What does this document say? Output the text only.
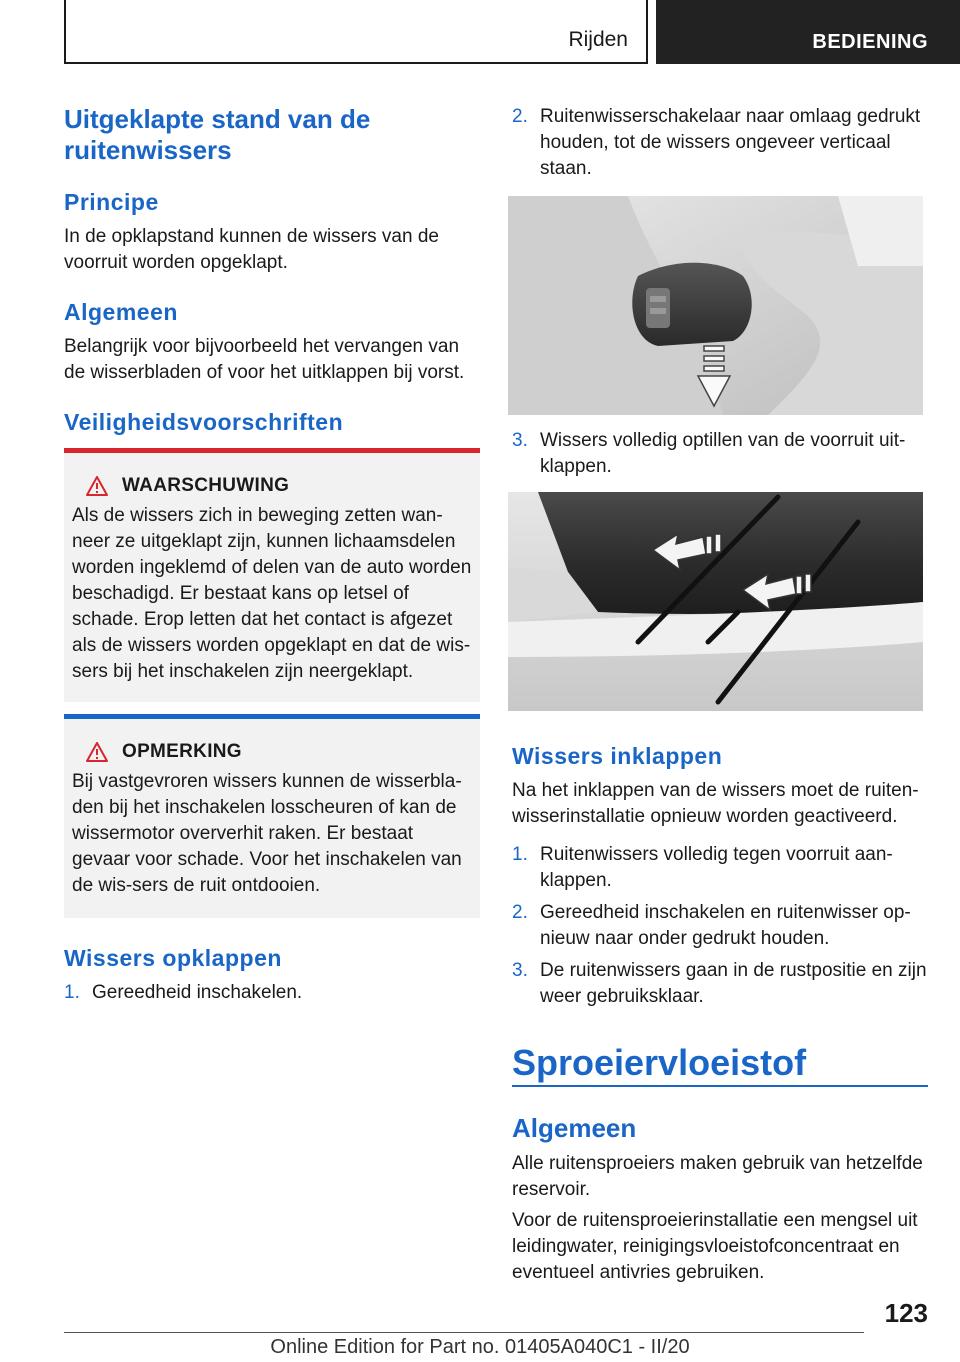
Rijden	BEDIENING
Uitgeklapte stand van de ruitenwissers
Principe
In de opklapstand kunnen de wissers van de voorruit worden opgeklapt.
Algemeen
Belangrijk voor bijvoorbeeld het vervangen van de wisserbladen of voor het uitklappen bij vorst.
Veiligheidsvoorschriften
WAARSCHUWING
Als de wissers zich in beweging zetten wan-neer ze uitgeklapt zijn, kunnen lichaamsdelen worden ingeklemd of delen van de auto worden beschadigd. Er bestaat kans op letsel of schade. Erop letten dat het contact is afgezet als de wissers worden opgeklapt en dat de wis-sers bij het inschakelen zijn neergeklapt.
OPMERKING
Bij vastgevroren wissers kunnen de wisserbla-den bij het inschakelen losscheuren of kan de wissermotor oververhit raken. Er bestaat gevaar voor schade. Voor het inschakelen van de wis-sers de ruit ontdooien.
Wissers opklappen
1. Gereedheid inschakelen.
2. Ruitenwisserschakelaar naar omlaag gedrukt houden, tot de wissers ongeveer verticaal staan.
3. Wissers volledig optillen van de voorruit uit-klappen.
Wissers inklappen
Na het inklappen van de wissers moet de ruiten-wisserinstallatie opnieuw worden geactiveerd.
1. Ruitenwissers volledig tegen voorruit aan-klappen.
2. Gereedheid inschakelen en ruitenwisser op-nieuw naar onder gedrukt houden.
3. De ruitenwissers gaan in de rustpositie en zijn weer gebruiksklaar.
Sproeiervloeistof
Algemeen
Alle ruitensproeiers maken gebruik van hetzelfde reservoir.
Voor de ruitensproeierinstallatie een mengsel uit leidingwater, reinigingsvloeistofconcentraat en eventueel antivries gebruiken.
123
Online Edition for Part no. 01405A040C1 - II/20
